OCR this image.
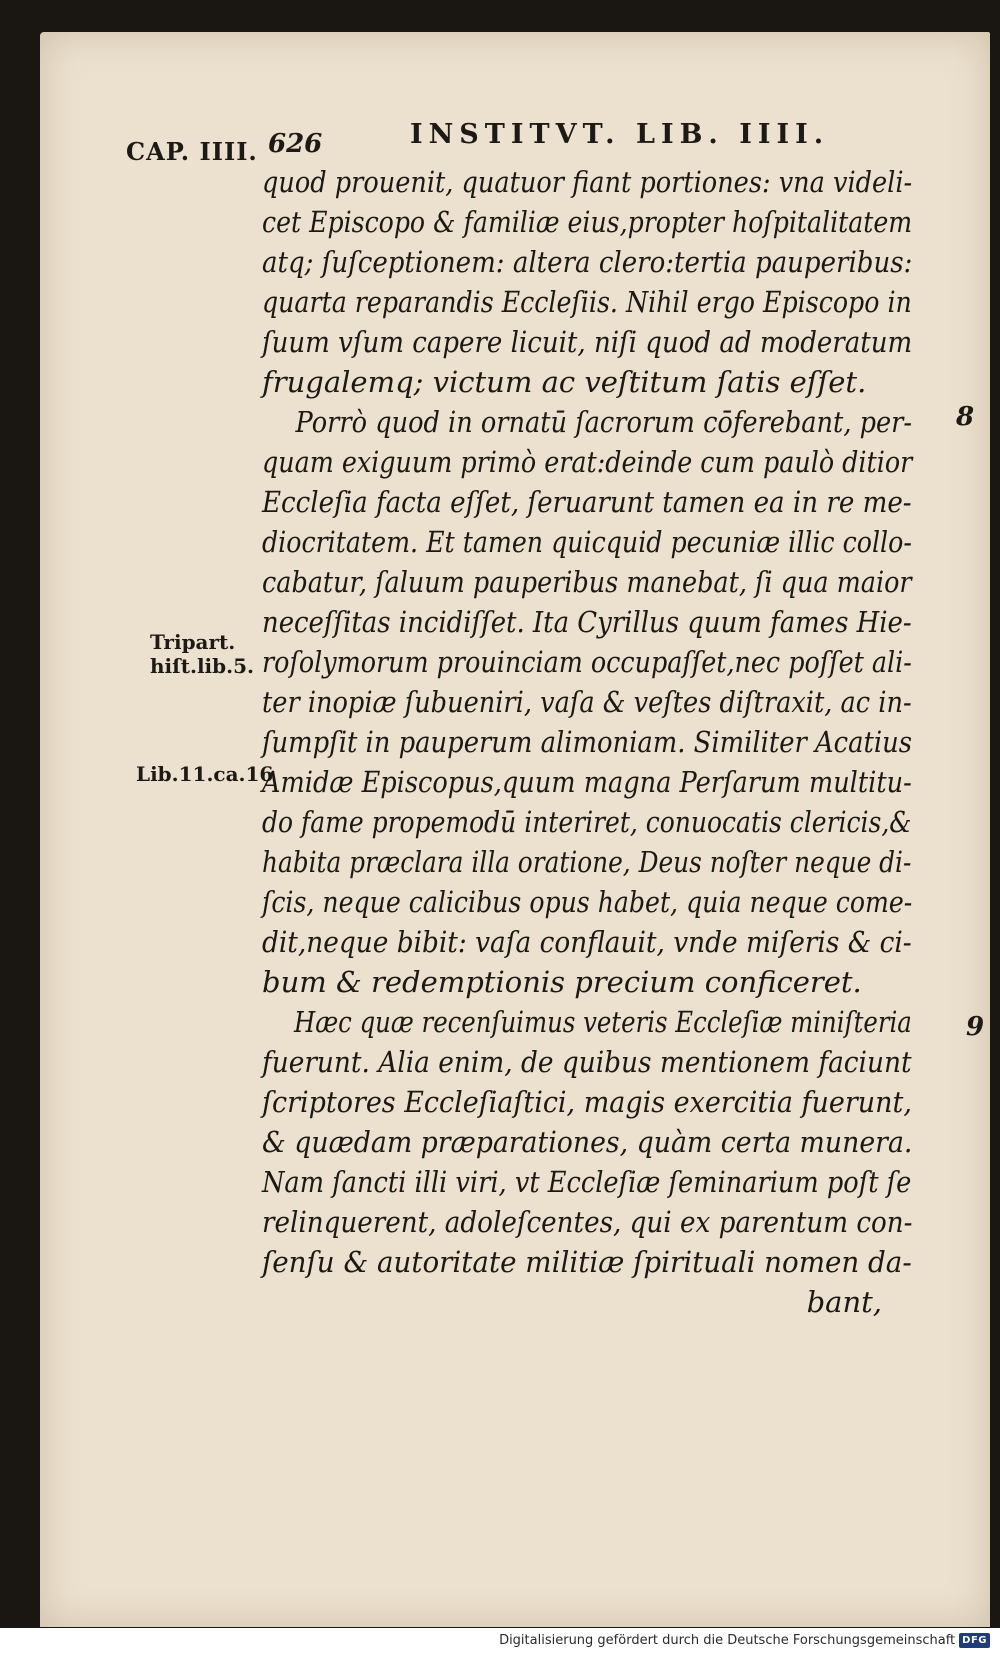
CAP. IIII. 626	INSTITVT. LIB. IIII.
quod prouenit, quatuor fiant portiones: vna videli-
cet Episcopo & familiæ eius,propter hoſpitalitatem
atq; ſuſceptionem: altera clero:tertia pauperibus:
quarta reparandis Eccleſiis. Nihil ergo Episcopo in
ſuum vſum capere licuit, niſi quod ad moderatum
frugalemq; victum ac veſtitum ſatis eſſet.
Porrò quod in ornatū ſacrorum cōferebant, per-
quam exiguum primò erat:deinde cum paulò ditior
Eccleſia facta eſſet, ſeruarunt tamen ea in re me-
diocritatem. Et tamen quicquid pecuniæ illic collo-
cabatur, ſaluum pauperibus manebat, ſi qua maior
neceſſitas incidiſſet. Ita Cyrillus quum fames Hie-
roſolymorum prouinciam occupaſſet,nec poſſet ali-
ter inopiæ ſubueniri, vaſa & veſtes diſtraxit, ac in-
ſumpſit in pauperum alimoniam. Similiter Acatius
Amidæ Episcopus,quum magna Perſarum multitu-
do fame propemodū interiret, conuocatis clericis,&
habita præclara illa oratione, Deus noſter neque di-
ſcis, neque calicibus opus habet, quia neque come-
dit,neque bibit: vaſa conflauit, vnde miſeris & ci-
bum & redemptionis precium conficeret.
Hæc quæ recenſuimus veteris Eccleſiæ miniſteria
fuerunt. Alia enim, de quibus mentionem faciunt
ſcriptores Eccleſiaſtici, magis exercitia fuerunt,
& quædam præparationes, quàm certa munera.
Nam ſancti illi viri, vt Eccleſiæ ſeminarium poſt ſe
relinquerent, adoleſcentes, qui ex parentum con-
ſenſu & autoritate militiæ ſpirituali nomen da-
bant,
Tripart.
hiſt.lib.5.
Lib.11.ca.16
8
9
Digitalisierung gefördert durch die Deutsche Forschungsgemeinschaft DFG
